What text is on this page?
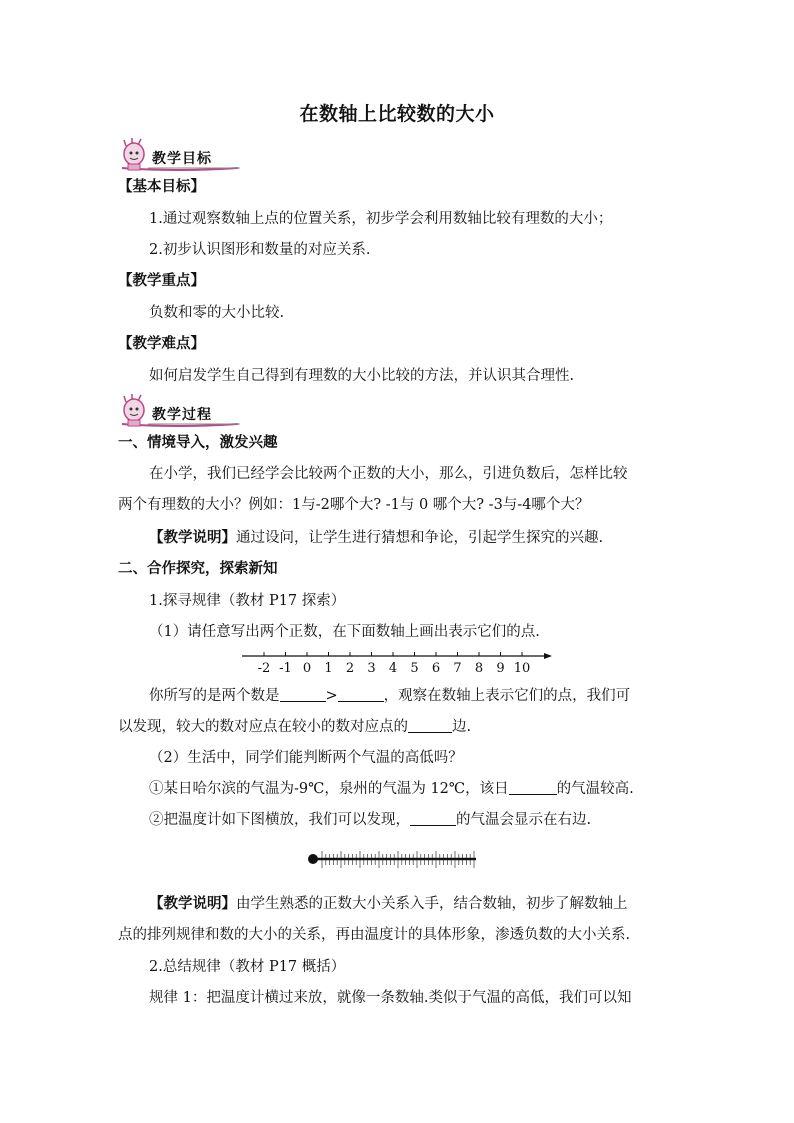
在数轴上比较数的大小
教学目标
【基本目标】
1.通过观察数轴上点的位置关系，初步学会利用数轴比较有理数的大小；
2.初步认识图形和数量的对应关系.
【教学重点】
负数和零的大小比较.
【教学难点】
如何启发学生自己得到有理数的大小比较的方法，并认识其合理性.
教学过程
一、情境导入，激发兴趣
在小学，我们已经学会比较两个正数的大小，那么，引进负数后，怎样比较
两个有理数的大小？例如：1与-2哪个大? -1与 0 哪个大? -3与-4哪个大？
【教学说明】通过设问，让学生进行猜想和争论，引起学生探究的兴趣.
二、合作探究，探索新知
1.探寻规律（教材 P17 探索）
（1）请任意写出两个正数，在下面数轴上画出表示它们的点.
-2 -1 0 1 2 3 4 5 6 7 8 9 10
你所写的是两个数是	>	，观察在数轴上表示它们的点，我们可
以发现，较大的数对应点在较小的数对应点的	边.
（2）生活中，同学们能判断两个气温的高低吗？
①某日哈尔滨的气温为-9℃，泉州的气温为 12℃，该日	的气温较高.
②把温度计如下图横放，我们可以发现，	的气温会显示在右边.
【教学说明】由学生熟悉的正数大小关系入手，结合数轴，初步了解数轴上
点的排列规律和数的大小的关系，再由温度计的具体形象，渗透负数的大小关系.
2.总结规律（教材 P17 概括）
规律 1：把温度计横过来放，就像一条数轴.类似于气温的高低，我们可以知
